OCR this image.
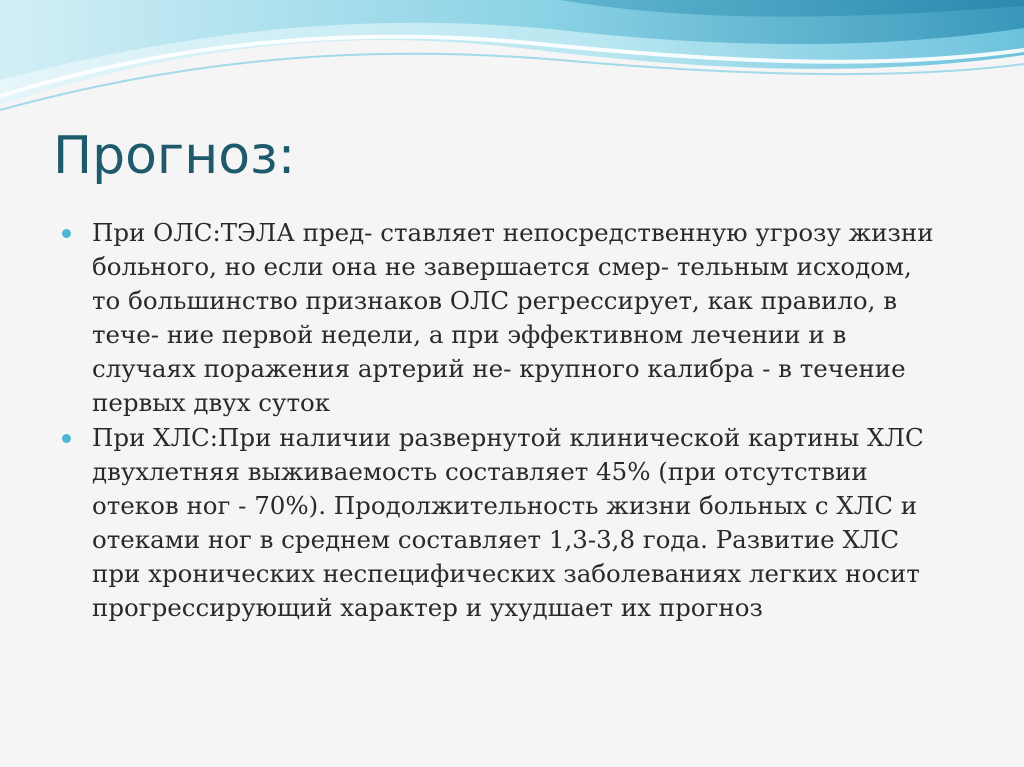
Прогноз:
При ОЛС:ТЭЛА пред- ставляет непосредственную угрозу жизни больного, но если она не завершается смер- тельным исходом, то большинство признаков ОЛС регрессирует, как правило, в тече- ние первой недели, а при эффективном лечении и в случаях поражения артерий не- крупного калибра - в течение первых двух суток
При ХЛС:При наличии развернутой клинической картины ХЛС двухлетняя выживаемость составляет 45% (при отсутствии отеков ног - 70%). Продолжительность жизни больных с ХЛС и отеками ног в среднем составляет 1,3-3,8 года. Развитие ХЛС при хронических неспецифических заболеваниях легких носит прогрессирующий характер и ухудшает их прогноз
